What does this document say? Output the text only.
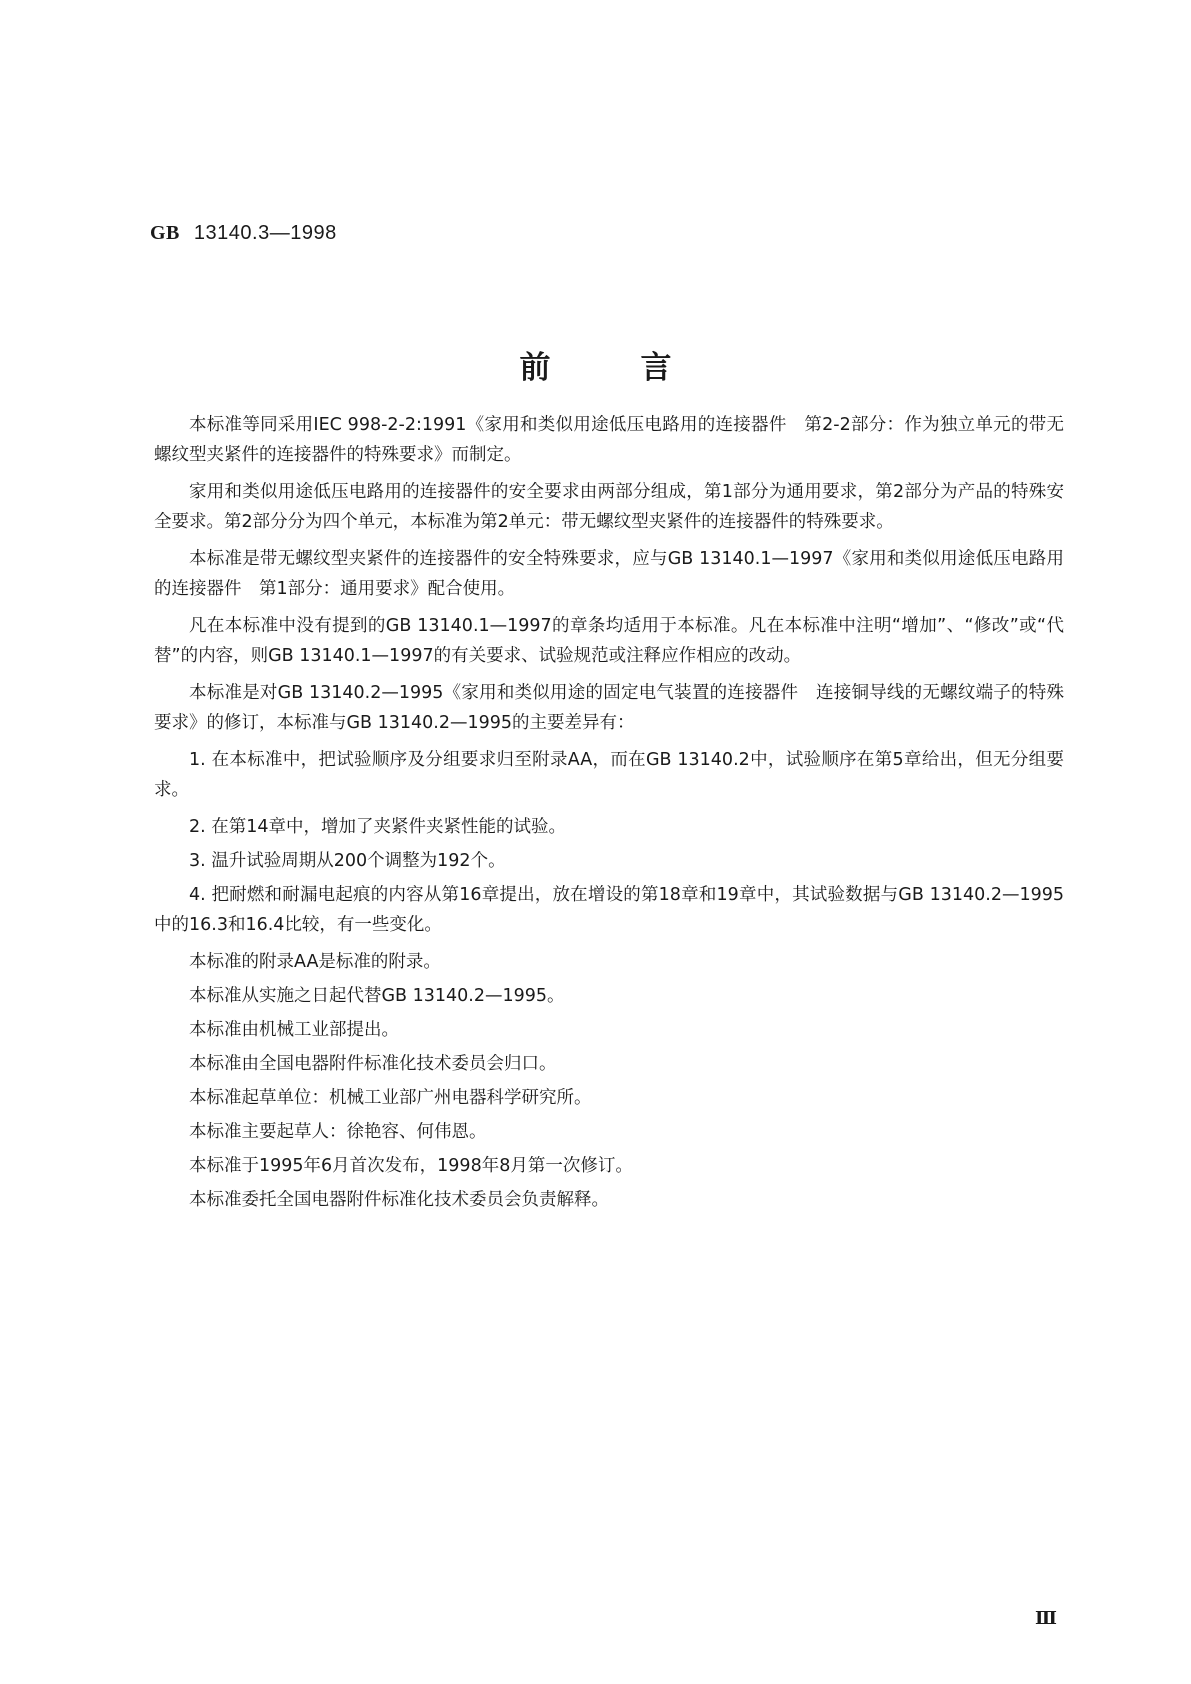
GB 13140.3—1998
前言

本标准等同采用IEC 998-2-2:1991《家用和类似用途低压电路用的连接器件　第2-2部分：作为独立单元的带无螺纹型夹紧件的连接器件的特殊要求》而制定。

家用和类似用途低压电路用的连接器件的安全要求由两部分组成，第1部分为通用要求，第2部分为产品的特殊安全要求。第2部分分为四个单元，本标准为第2单元：带无螺纹型夹紧件的连接器件的特殊要求。

本标准是带无螺纹型夹紧件的连接器件的安全特殊要求，应与GB 13140.1—1997《家用和类似用途低压电路用的连接器件　第1部分：通用要求》配合使用。

凡在本标准中没有提到的GB 13140.1—1997的章条均适用于本标准。凡在本标准中注明“增加”、“修改”或“代替”的内容，则GB 13140.1—1997的有关要求、试验规范或注释应作相应的改动。

本标准是对GB 13140.2—1995《家用和类似用途的固定电气装置的连接器件　连接铜导线的无螺纹端子的特殊要求》的修订，本标准与GB 13140.2—1995的主要差异有：

1. 在本标准中，把试验顺序及分组要求归至附录AA，而在GB 13140.2中，试验顺序在第5章给出，但无分组要求。

2. 在第14章中，增加了夹紧件夹紧性能的试验。

3. 温升试验周期从200个调整为192个。

4. 把耐燃和耐漏电起痕的内容从第16章提出，放在增设的第18章和19章中，其试验数据与GB 13140.2—1995中的16.3和16.4比较，有一些变化。

本标准的附录AA是标准的附录。

本标准从实施之日起代替GB 13140.2—1995。

本标准由机械工业部提出。

本标准由全国电器附件标准化技术委员会归口。

本标准起草单位：机械工业部广州电器科学研究所。

本标准主要起草人：徐艳容、何伟恩。

本标准于1995年6月首次发布，1998年8月第一次修订。

本标准委托全国电器附件标准化技术委员会负责解释。

Ⅲ
